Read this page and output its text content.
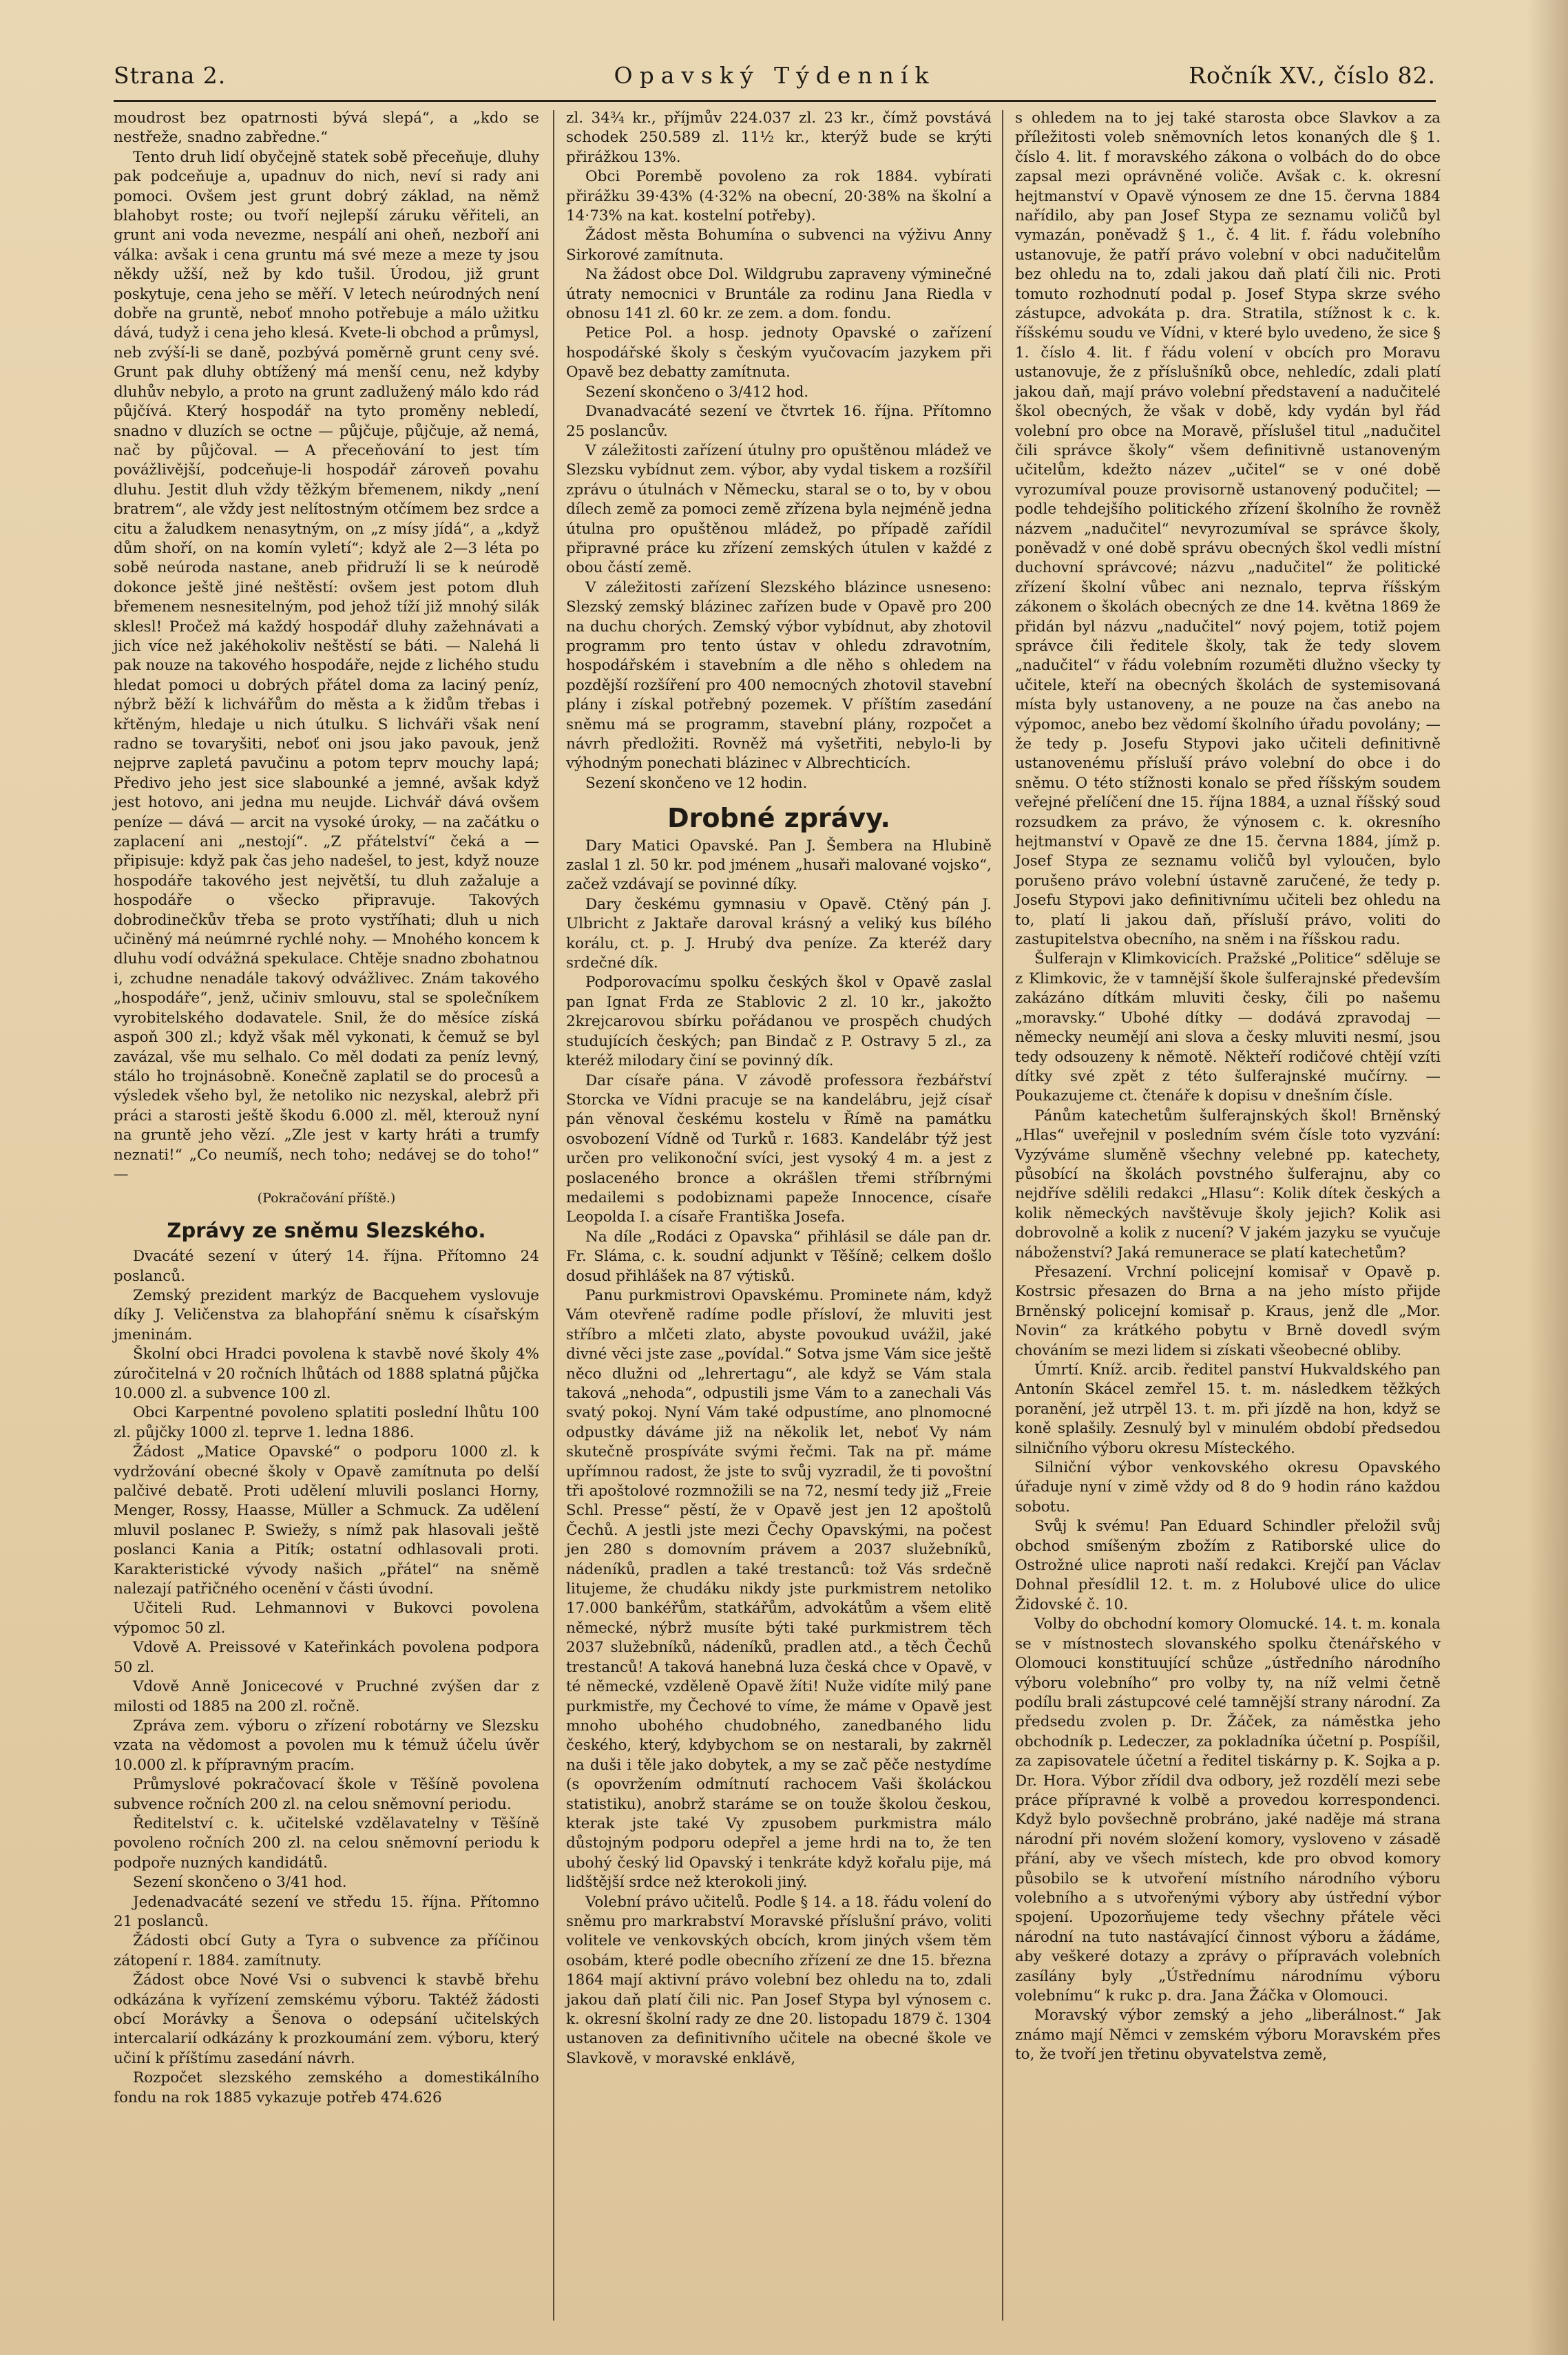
Strana 2.	Opavský Týdenník	Ročník XV., číslo 82.

moudrost bez opatrnosti bývá slepá“, a „kdo se nestřeže, snadno zabředne.“

Tento druh lidí obyčejně statek sobě přeceňuje, dluhy pak podceňuje a, upadnuv do nich, neví si rady ani pomoci. Ovšem jest grunt dobrý základ, na němž blahobyt roste; ou tvoří nejlepší záruku věřiteli, an grunt ani voda nevezme, nespálí ani oheň, nezboří ani válka: avšak i cena gruntu má své meze a meze ty jsou někdy užší, než by kdo tušil. Úrodou, již grunt poskytuje, cena jeho se měří. V letech neúrodných není dobře na gruntě, neboť mnoho potřebuje a málo užitku dává, tudyž i cena jeho klesá. Kvete-li obchod a průmysl, neb zvýší-li se daně, pozbývá poměrně grunt ceny své. Grunt pak dluhy obtížený má menší cenu, než kdyby dluhův nebylo, a proto na grunt zadlužený málo kdo rád půjčívá. Který hospodář na tyto proměny nebledí, snadno v dluzích se octne — půjčuje, půjčuje, až nemá, nač by půjčoval. — A přeceňování to jest tím povážlivější, podceňuje-li hospodář zároveň povahu dluhu. Jestit dluh vždy těžkým břemenem, nikdy „není bratrem“, ale vždy jest nelítostným otčímem bez srdce a citu a žaludkem nenasytným, on „z mísy jídá“, a „když dům shoří, on na komín vyletí“; když ale 2—3 léta po sobě neúroda nastane, aneb přidruží li se k neúrodě dokonce ještě jiné neštěstí: ovšem jest potom dluh břemenem nesnesitelným, pod jehož tíží již mnohý silák sklesl! Pročež má každý hospodář dluhy zažehnávati a jich více než jakéhokoliv neštěstí se báti. — Nalehá li pak nouze na takového hospodáře, nejde z lichého studu hledat pomoci u dobrých přátel doma za laciný peníz, nýbrž běží k lichvářům do města a k židům třebas i křtěným, hledaje u nich útulku. S lichváři však není radno se tovaryšiti, neboť oni jsou jako pavouk, jenž nejprve zapletá pavučinu a potom teprv mouchy lapá; Předivo jeho jest sice slabounké a jemné, avšak když jest hotovo, ani jedna mu neujde. Lichvář dává ovšem peníze — dává — arcit na vysoké úroky, — na začátku o zaplacení ani „nestojí“. „Z přátelství“ čeká a — připisuje: když pak čas jeho nadešel, to jest, když nouze hospodáře takového jest největší, tu dluh zažaluje a hospodáře o všecko připravuje. Takových dobrodinečkův třeba se proto vystříhati; dluh u nich učiněný má neúmrné rychlé nohy. — Mnohého koncem k dluhu vodí odvážná spekulace. Chtěje snadno zbohatnou i, zchudne nenadále takový odvážlivec. Znám takového „hospodáře“, jenž, učiniv smlouvu, stal se společníkem vyrobitelského dodavatele. Snil, že do měsíce získá aspoň 300 zl.; když však měl vykonati, k čemuž se byl zavázal, vše mu selhalo. Co měl dodati za peníz levný, stálo ho trojnásobně. Konečně zaplatil se do procesů a výsledek všeho byl, že netoliko nic nezyskal, alebrž při práci a starosti ještě škodu 6.000 zl. měl, kterouž nyní na gruntě jeho vězí. „Zle jest v karty hráti a trumfy neznati!“ „Co neumíš, nech toho; nedávej se do toho!“ —

(Pokračování příště.)
Zprávy ze sněmu Slezského.

Dvacáté sezení v úterý 14. října. Přítomno 24 poslanců.

Zemský prezident markýz de Bacquehem vyslovuje díky J. Veličenstva za blahopřání sněmu k císařským jmeninám.

Školní obci Hradci povolena k stavbě nové školy 4% zúročitelná v 20 ročních lhůtách od 1888 splatná půjčka 10.000 zl. a subvence 100 zl.

Obci Karpentné povoleno splatiti poslední lhůtu 100 zl. půjčky 1000 zl. teprve 1. ledna 1886.

Žádost „Matice Opavské“ o podporu 1000 zl. k vydržování obecné školy v Opavě zamítnuta po delší palčivé debatě. Proti udělení mluvili poslanci Horny, Menger, Rossy, Haasse, Müller a Schmuck. Za udělení mluvil poslanec P. Swiežy, s nímž pak hlasovali ještě poslanci Kania a Pitík; ostatní odhlasovali proti. Karakteristické vývody našich „přátel“ na sněmě nalezají patřičného ocenění v části úvodní.

Učiteli Rud. Lehmannovi v Bukovci povolena výpomoc 50 zl.

Vdově A. Preissové v Kateřinkách povolena podpora 50 zl.

Vdově Anně Jonicecové v Pruchné zvýšen dar z milosti od 1885 na 200 zl. ročně.

Zpráva zem. výboru o zřízení robotárny ve Slezsku vzata na vědomost a povolen mu k témuž účelu úvěr 10.000 zl. k přípravným pracím.

Průmyslové pokračovací škole v Těšíně povolena subvence ročních 200 zl. na celou sněmovní periodu.

Ředitelství c. k. učitelské vzdělavatelny v Těšíně povoleno ročních 200 zl. na celou sněmovní periodu k podpoře nuzných kandidátů.

Sezení skončeno o 3/41 hod.

Jedenadvacáté sezení ve středu 15. října. Přítomno 21 poslanců.

Žádosti obcí Guty a Tyra o subvence za příčinou zátopení r. 1884. zamítnuty.

Žádost obce Nové Vsi o subvenci k stavbě břehu odkázána k vyřízení zemskému výboru. Taktéž žádosti obcí Morávky a Šenova o odepsání učitelských intercalarií odkázány k prozkoumání zem. výboru, který učiní k příštímu zasedání návrh.

Rozpočet slezského zemského a domestikálního fondu na rok 1885 vykazuje potřeb 474.626

zl. 34¾ kr., příjmův 224.037 zl. 23 kr., čímž povstává schodek 250.589 zl. 11½ kr., kterýž bude se krýti přirážkou 13%.

Obci Porembě povoleno za rok 1884. vybírati přirážku 39·43% (4·32% na obecní, 20·38% na školní a 14·73% na kat. kostelní potřeby).

Žádost města Bohumína o subvenci na výživu Anny Sirkorové zamítnuta.

Na žádost obce Dol. Wildgrubu zapraveny výminečné útraty nemocnici v Bruntále za rodinu Jana Riedla v obnosu 141 zl. 60 kr. ze zem. a dom. fondu.

Petice Pol. a hosp. jednoty Opavské o zařízení hospodářské školy s českým vyučovacím jazykem při Opavě bez debatty zamítnuta.

Sezení skončeno o 3/412 hod.

Dvanadvacáté sezení ve čtvrtek 16. října. Přítomno 25 poslancův.

V záležitosti zařízení útulny pro opuštěnou mládež ve Slezsku vybídnut zem. výbor, aby vydal tiskem a rozšířil zprávu o útulnách v Německu, staral se o to, by v obou dílech země za pomoci země zřízena byla nejméně jedna útulna pro opuštěnou mládež, po případě zařídil připravné práce ku zřízení zemských útulen v každé z obou částí země.

V záležitosti zařízení Slezského blázince usneseno: Slezský zemský blázinec zařízen bude v Opavě pro 200 na duchu chorých. Zemský výbor vybídnut, aby zhotovil programm pro tento ústav v ohledu zdravotním, hospodářském i stavebním a dle něho s ohledem na pozdější rozšíření pro 400 nemocných zhotovil stavební plány i získal potřebný pozemek. V příštím zasedání sněmu má se programm, stavební plány, rozpočet a návrh předložiti. Rovněž má vyšetřiti, nebylo-li by výhodným ponechati blázinec v Albrechticích.

Sezení skončeno ve 12 hodin.

Drobné zprávy.

Dary Matici Opavské. Pan J. Šembera na Hlubině zaslal 1 zl. 50 kr. pod jménem „husaři malované vojsko“, začež vzdávají se povinné díky.

Dary českému gymnasiu v Opavě. Ctěný pán J. Ulbricht z Jaktaře daroval krásný a veliký kus bílého korálu, ct. p. J. Hrubý dva peníze. Za kteréž dary srdečné dík.

Podporovacímu spolku českých škol v Opavě zaslal pan Ignat Frda ze Stablovic 2 zl. 10 kr., jakožto 2krejcarovou sbírku pořádanou ve prospěch chudých studujících českých; pan Bindač z P. Ostravy 5 zl., za kteréž milodary činí se povinný dík.

Dar císaře pána. V závodě professora řezbářství Storcka ve Vídni pracuje se na kandelábru, jejž císař pán věnoval českému kostelu v Římě na památku osvobození Vídně od Turků r. 1683. Kandelábr týž jest určen pro velikonoční svíci, jest vysoký 4 m. a jest z poslaceného bronce a okrášlen třemi stříbrnými medailemi s podobiznami papeže Innocence, císaře Leopolda I. a císaře Františka Josefa.

Na díle „Rodáci z Opavska“ přihlásil se dále pan dr. Fr. Sláma, c. k. soudní adjunkt v Těšíně; celkem došlo dosud přihlášek na 87 výtisků.

Panu purkmistrovi Opavskému. Prominete nám, když Vám otevřeně radíme podle přísloví, že mluviti jest stříbro a mlčeti zlato, abyste povoukud uvážil, jaké divné věci jste zase „povídal.“ Sotva jsme Vám sice ještě něco dlužni od „lehrertagu“, ale když se Vám stala taková „nehoda“, odpustili jsme Vám to a zanechali Vás svatý pokoj. Nyní Vám také odpustíme, ano plnomocné odpustky dáváme již na několik let, neboť Vy nám skutečně prospíváte svými řečmi. Tak na př. máme upřímnou radost, že jste to svůj vyzradil, že ti povoštní tři apoštolové rozmnožili se na 72, nesmí tedy již „Freie Schl. Presse“ pěstí, že v Opavě jest jen 12 apoštolů Čechů. A jestli jste mezi Čechy Opavskými, na počest jen 280 s domovním právem a 2037 služebníků, nádeníků, pradlen a také trestanců: tož Vás srdečně litujeme, že chudáku nikdy jste purkmistrem netoliko 17.000 bankéřům, statkářům, advokátům a všem elitě německé, nýbrž musíte býti také purkmistrem těch 2037 služebníků, nádeníků, pradlen atd., a těch Čechů trestanců! A taková hanebná luza česká chce v Opavě, v té německé, vzděleně Opavě žíti! Nuže vidíte milý pane purkmistře, my Čechové to víme, že máme v Opavě jest mnoho ubohého chudobného, zanedbaného lidu českého, který, kdybychom se on nestarali, by zakrněl na duši i těle jako dobytek, a my se zač pěče nestydíme (s opovržením odmítnutí rachocem Vaši školáckou statistiku), anobrž staráme se on touže školou českou, kterak jste také Vy zpusobem purkmistra málo důstojným podporu odepřel a jeme hrdi na to, že ten ubohý český lid Opavský i tenkráte když kořalu pije, má lidštější srdce než kterokoli jiný.

Volební právo učitelů. Podle § 14. a 18. řádu volení do sněmu pro markrabství Moravské příslušní právo, voliti volitele ve venkovských obcích, krom jiných všem těm osobám, které podle obecního zřízení ze dne 15. března 1864 mají aktivní právo volební bez ohledu na to, zdali jakou daň platí čili nic. Pan Josef Stypa byl výnosem c. k. okresní školní rady ze dne 20. listopadu 1879 č. 1304 ustanoven za definitivního učitele na obecné škole ve Slavkově, v moravské enklávě,

s ohledem na to jej také starosta obce Slavkov a za příležitosti voleb sněmovních letos konaných dle § 1. číslo 4. lit. f moravského zákona o volbách do do obce zapsal mezi oprávněné voliče. Avšak c. k. okresní hejtmanství v Opavě výnosem ze dne 15. června 1884 nařídilo, aby pan Josef Stypa ze seznamu voličů byl vymazán, poněvadž § 1., č. 4 lit. f. řádu volebního ustanovuje, že patří právo volební v obci nadučitelům bez ohledu na to, zdali jakou daň platí čili nic. Proti tomuto rozhodnutí podal p. Josef Stypa skrze svého zástupce, advokáta p. dra. Stratila, stížnost k c. k. říšskému soudu ve Vídni, v které bylo uvedeno, že sice § 1. číslo 4. lit. f řádu volení v obcích pro Moravu ustanovuje, že z příslušníků obce, nehledíc, zdali platí jakou daň, mají právo volební představení a nadučitelé škol obecných, že však v době, kdy vydán byl řád volební pro obce na Moravě, příslušel titul „nadučitel čili správce školy“ všem definitivně ustanoveným učitelům, kdežto název „učitel“ se v oné době vyrozumíval pouze provisorně ustanovený podučitel; — podle tehdejšího politického zřízení školního že rovněž názvem „nadučitel“ nevyrozumíval se správce školy, poněvadž v oné době správu obecných škol vedli místní duchovní správcové; názvu „nadučitel“ že politické zřízení školní vůbec ani neznalo, teprva říšským zákonem o školách obecných ze dne 14. května 1869 že přidán byl názvu „nadučitel“ nový pojem, totiž pojem správce čili ředitele školy, tak že tedy slovem „nadučitel“ v řádu volebním rozuměti dlužno všecky ty učitele, kteří na obecných školách de systemisovaná místa byly ustanoveny, a ne pouze na čas anebo na výpomoc, anebo bez vědomí školního úřadu povolány; — že tedy p. Josefu Stypovi jako učiteli definitivně ustanovenému přísluší právo volební do obce i do sněmu. O této stížnosti konalo se před říšským soudem veřejné přelíčení dne 15. října 1884, a uznal říšský soud rozsudkem za právo, že výnosem c. k. okresního hejtmanství v Opavě ze dne 15. června 1884, jímž p. Josef Stypa ze seznamu voličů byl vyloučen, bylo porušeno právo volební ústavně zaručené, že tedy p. Josefu Stypovi jako definitivnímu učiteli bez ohledu na to, platí li jakou daň, přísluší právo, voliti do zastupitelstva obecního, na sněm i na říšskou radu.

Šulferajn v Klimkovicích. Pražské „Politice“ sděluje se z Klimkovic, že v tamnější škole šulferajnské především zakázáno dítkám mluviti česky, čili po našemu „moravsky.“ Ubohé dítky — dodává zpravodaj — německy neumějí ani slova a česky mluviti nesmí, jsou tedy odsouzeny k němotě. Někteří rodičové chtějí vzíti dítky své zpět z této šulferajnské mučírny. — Poukazujeme ct. čtenáře k dopisu v dnešním čísle.

Pánům katechetům šulferajnských škol! Brněnský „Hlas“ uveřejnil v posledním svém čísle toto vyzvání: Vyzýváme sluměně všechny velebné pp. katechety, působící na školách povstného šulferajnu, aby co nejdříve sdělili redakci „Hlasu“: Kolik dítek českých a kolik německých navštěvuje školy jejich? Kolik asi dobrovolně a kolik z nucení? V jakém jazyku se vyučuje náboženství? Jaká remunerace se platí katechetům?

Přesazení. Vrchní policejní komisař v Opavě p. Kostrsic přesazen do Brna a na jeho místo přijde Brněnský policejní komisař p. Kraus, jenž dle „Mor. Novin“ za krátkého pobytu v Brně dovedl svým chováním se mezi lidem si získati všeobecné obliby.

Úmrtí. Kníž. arcib. ředitel panství Hukvaldského pan Antonín Skácel zemřel 15. t. m. následkem těžkých poranění, jež utrpěl 13. t. m. při jízdě na hon, když se koně splašily. Zesnulý byl v minulém období předsedou silničního výboru okresu Místeckého.

Silniční výbor venkovského okresu Opavského úřaduje nyní v zimě vždy od 8 do 9 hodin ráno každou sobotu.

Svůj k svému! Pan Eduard Schindler přeložil svůj obchod smíšeným zbožím z Ratiborské ulice do Ostrožné ulice naproti naší redakci. Krejčí pan Václav Dohnal přesídlil 12. t. m. z Holubové ulice do ulice Židovské č. 10.

Volby do obchodní komory Olomucké. 14. t. m. konala se v místnostech slovanského spolku čtenářského v Olomouci konstituující schůze „ústředního národního výboru volebního“ pro volby ty, na níž velmi četně podílu brali zástupcové celé tamnější strany národní. Za předsedu zvolen p. Dr. Žáček, za náměstka jeho obchodník p. Ledeczer, za pokladníka účetní p. Pospíšil, za zapisovatele účetní a ředitel tiskárny p. K. Sojka a p. Dr. Hora. Výbor zřídil dva odbory, jež rozdělí mezi sebe práce přípravné k volbě a provedou korrespondenci. Když bylo povšechně probráno, jaké naděje má strana národní při novém složení komory, vysloveno v zásadě přání, aby ve všech místech, kde pro obvod komory působilo se k utvoření místního národního výboru volebního a s utvořenými výbory aby ústřední výbor spojení. Upozorňujeme tedy všechny přátele věci národní na tuto nastávající činnost výboru a žádáme, aby veškeré dotazy a zprávy o přípravách volebních zasílány byly „Ústřednímu národnímu výboru volebnímu“ k rukc p. dra. Jana Žáčka v Olomouci.

Moravský výbor zemský a jeho „liberálnost.“ Jak známo mají Němci v zemském výboru Moravském přes to, že tvoří jen třetinu obyvatelstva země,
